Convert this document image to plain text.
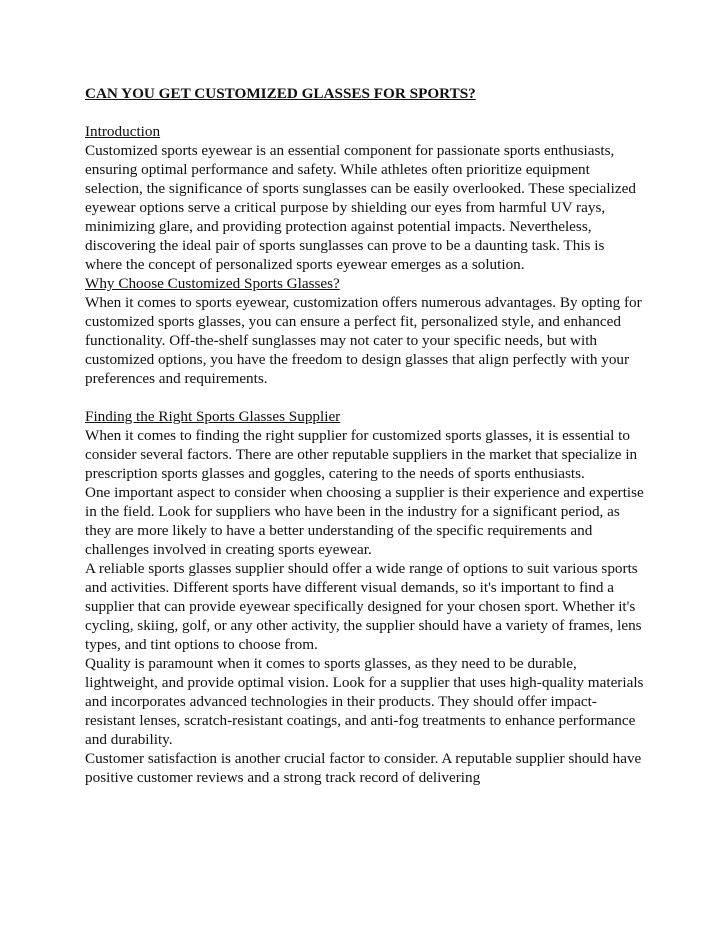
CAN YOU GET CUSTOMIZED GLASSES FOR SPORTS?

Introduction

Customized sports eyewear is an essential component for passionate sports enthusiasts, ensuring optimal performance and safety. While athletes often prioritize equipment selection, the significance of sports sunglasses can be easily overlooked. These specialized eyewear options serve a critical purpose by shielding our eyes from harmful UV rays, minimizing glare, and providing protection against potential impacts. Nevertheless, discovering the ideal pair of sports sunglasses can prove to be a daunting task. This is where the concept of personalized sports eyewear emerges as a solution.

Why Choose Customized Sports Glasses?

When it comes to sports eyewear, customization offers numerous advantages. By opting for customized sports glasses, you can ensure a perfect fit, personalized style, and enhanced functionality. Off-the-shelf sunglasses may not cater to your specific needs, but with customized options, you have the freedom to design glasses that align perfectly with your preferences and requirements.

Finding the Right Sports Glasses Supplier

When it comes to finding the right supplier for customized sports glasses, it is essential to consider several factors. There are other reputable suppliers in the market that specialize in prescription sports glasses and goggles, catering to the needs of sports enthusiasts.

One important aspect to consider when choosing a supplier is their experience and expertise in the field. Look for suppliers who have been in the industry for a significant period, as they are more likely to have a better understanding of the specific requirements and challenges involved in creating sports eyewear.

A reliable sports glasses supplier should offer a wide range of options to suit various sports and activities. Different sports have different visual demands, so it's important to find a supplier that can provide eyewear specifically designed for your chosen sport. Whether it's cycling, skiing, golf, or any other activity, the supplier should have a variety of frames, lens types, and tint options to choose from.

Quality is paramount when it comes to sports glasses, as they need to be durable, lightweight, and provide optimal vision. Look for a supplier that uses high-quality materials and incorporates advanced technologies in their products. They should offer impact-resistant lenses, scratch-resistant coatings, and anti-fog treatments to enhance performance and durability.

Customer satisfaction is another crucial factor to consider. A reputable supplier should have positive customer reviews and a strong track record of delivering
